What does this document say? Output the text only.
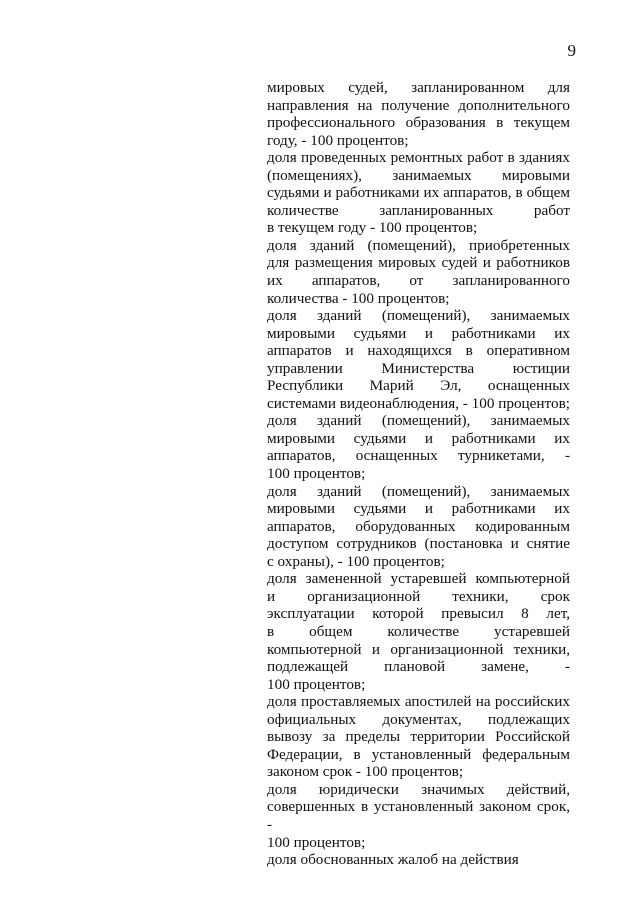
9

мировых судей, запланированном для
направления на получение дополнительного
профессионального образования в текущем
году, - 100 процентов;

доля проведенных ремонтных работ в зданиях
(помещениях), занимаемых мировыми
судьями и работниками их аппаратов, в общем
количестве запланированных работ
в текущем году - 100 процентов;

доля зданий (помещений), приобретенных
для размещения мировых судей и работников
их аппаратов, от запланированного
количества - 100 процентов;

доля зданий (помещений), занимаемых
мировыми судьями и работниками их
аппаратов и находящихся в оперативном
управлении Министерства юстиции
Республики Марий Эл, оснащенных
системами видеонаблюдения, - 100 процентов;

доля зданий (помещений), занимаемых
мировыми судьями и работниками их
аппаратов, оснащенных турникетами, -
100 процентов;

доля зданий (помещений), занимаемых
мировыми судьями и работниками их
аппаратов, оборудованных кодированным
доступом сотрудников (постановка и снятие
с охраны), - 100 процентов;

доля замененной устаревшей компьютерной
и организационной техники, срок
эксплуатации которой превысил 8 лет,
в общем количестве устаревшей
компьютерной и организационной техники,
подлежащей плановой замене, -
100 процентов;

доля проставляемых апостилей на российских
официальных документах, подлежащих
вывозу за пределы территории Российской
Федерации, в установленный федеральным
законом срок - 100 процентов;

доля юридически значимых действий,
совершенных в установленный законом срок, -
100 процентов;

доля обоснованных жалоб на действия
